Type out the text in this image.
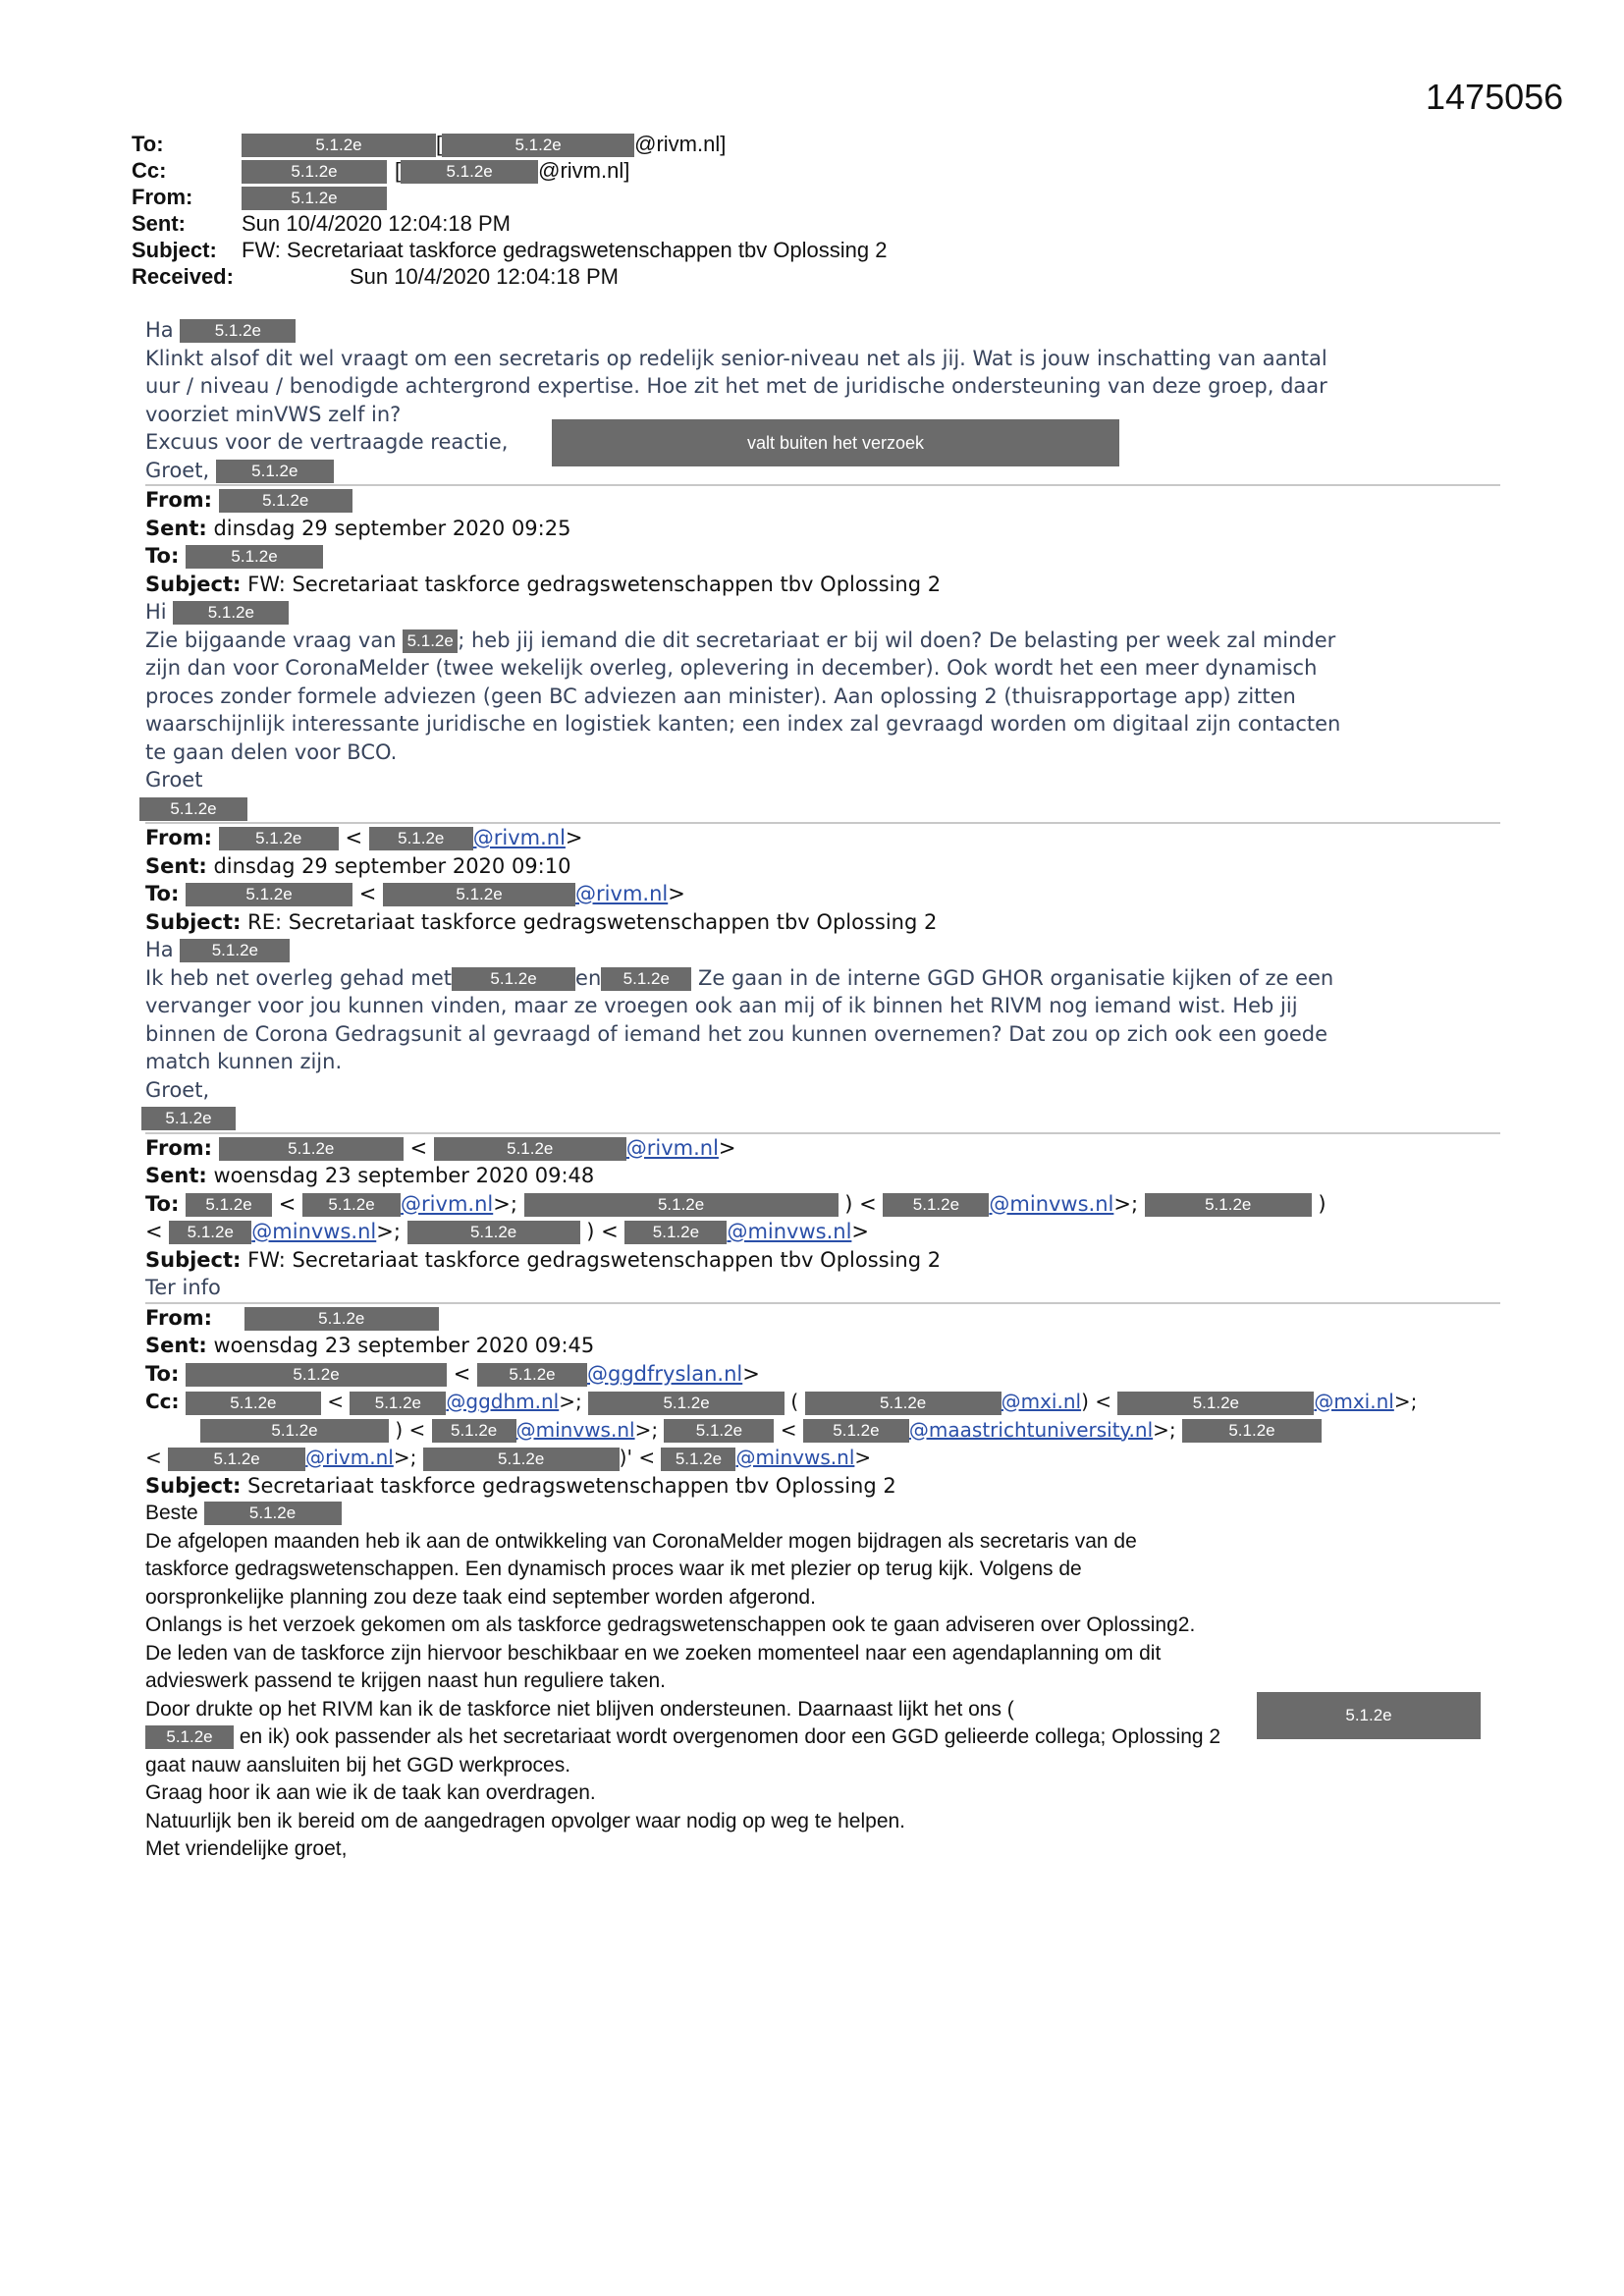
1475056
To:	5.1.2e	[	5.1.2e	@rivm.nl]
Cc:	5.1.2e	[	5.1.2e @rivm.nl]
From:	5.1.2e
Sent:	Sun 10/4/2020 12:04:18 PM
Subject: FW: Secretariaat taskforce gedragswetenschappen tbv Oplossing 2
Received:	Sun 10/4/2020 12:04:18 PM
Ha 5.1.2e
Klinkt alsof dit wel vraagt om een secretaris op redelijk senior-niveau net als jij. Wat is jouw inschatting van aantal
uur / niveau / benodigde achtergrond expertise. Hoe zit het met de juridische ondersteuning van deze groep, daar
voorziet minVWS zelf in?
Excuus voor de vertraagde reactie,	valt buiten het verzoek
Groet,	5.1.2e
From:	5.1.2e
Sent: dinsdag 29 september 2020 09:25
To:	5.1.2e
Subject: FW: Secretariaat taskforce gedragswetenschappen tbv Oplossing 2
Hi 5.1.2e
Zie bijgaande vraag van 5.1.2e ; heb jij iemand die dit secretariaat er bij wil doen? De belasting per week zal minder
zijn dan voor CoronaMelder (twee wekelijk overleg, oplevering in december). Ook wordt het een meer dynamisch
proces zonder formele adviezen (geen BC adviezen aan minister). Aan oplossing 2 (thuisrapportage app) zitten
waarschijnlijk interessante juridische en logistiek kanten; een index zal gevraagd worden om digitaal zijn contacten
te gaan delen voor BCO.
Groet
5.1.2e
From:	5.1.2e < 5.1.2e @rivm.nl>
Sent: dinsdag 29 september 2020 09:10
To:	5.1.2e	<	5.1.2e	@rivm.nl>
Subject: RE: Secretariaat taskforce gedragswetenschappen tbv Oplossing 2
Ha 5.1.2e
Ik heb net overleg gehad met 5.1.2e en 5.1.2e Ze gaan in de interne GGD GHOR organisatie kijken of ze een
vervanger voor jou kunnen vinden, maar ze vroegen ook aan mij of ik binnen het RIVM nog iemand wist. Heb jij
binnen de Corona Gedragsunit al gevraagd of iemand het zou kunnen overnemen? Dat zou op zich ook een goede
match kunnen zijn.
Groet,
5.1.2e
From:	5.1.2e	<	5.1.2e	@rivm.nl>
Sent: woensdag 23 september 2020 09:48
To: 5.1.2e < 5.1.2e @rivm.nl>;	5.1.2e	) < 5.1.2e @minvws.nl>;	5.1.2e	)
< 5.1.2e @minvws.nl>;	5.1.2e	) < 5.1.2e @minvws.nl>
Subject: FW: Secretariaat taskforce gedragswetenschappen tbv Oplossing 2
Ter info
From:	5.1.2e
Sent: woensdag 23 september 2020 09:45
To:	5.1.2e	< 5.1.2e @ggdfryslan.nl>
Cc:	5.1.2e < 5.1.2e @ggdhm.nl>;	5.1.2e	(	5.1.2e	@mxi.nl) <	5.1.2e	@mxi.nl>;
5.1.2e	) < 5.1.2e @minvws.nl>; 5.1.2e < 5.1.2e @maastrichtuniversity.nl>;	5.1.2e
<	5.1.2e @rivm.nl>;	5.1.2e	)' < 5.1.2e @minvws.nl>
Subject: Secretariaat taskforce gedragswetenschappen tbv Oplossing 2
Beste	5.1.2e
De afgelopen maanden heb ik aan de ontwikkeling van CoronaMelder mogen bijdragen als secretaris van de
taskforce gedragswetenschappen. Een dynamisch proces waar ik met plezier op terug kijk. Volgens de
oorspronkelijke planning zou deze taak eind september worden afgerond.
Onlangs is het verzoek gekomen om als taskforce gedragswetenschappen ook te gaan adviseren over Oplossing2.
De leden van de taskforce zijn hiervoor beschikbaar en we zoeken momenteel naar een agendaplanning om dit
advieswerk passend te krijgen naast hun reguliere taken.
Door drukte op het RIVM kan ik de taskforce niet blijven ondersteunen. Daarnaast lijkt het ons (	5.1.2e
5.1.2e en ik) ook passender als het secretariaat wordt overgenomen door een GGD gelieerde collega; Oplossing 2
gaat nauw aansluiten bij het GGD werkproces.
Graag hoor ik aan wie ik de taak kan overdragen.
Natuurlijk ben ik bereid om de aangedragen opvolger waar nodig op weg te helpen.
Met vriendelijke groet,
